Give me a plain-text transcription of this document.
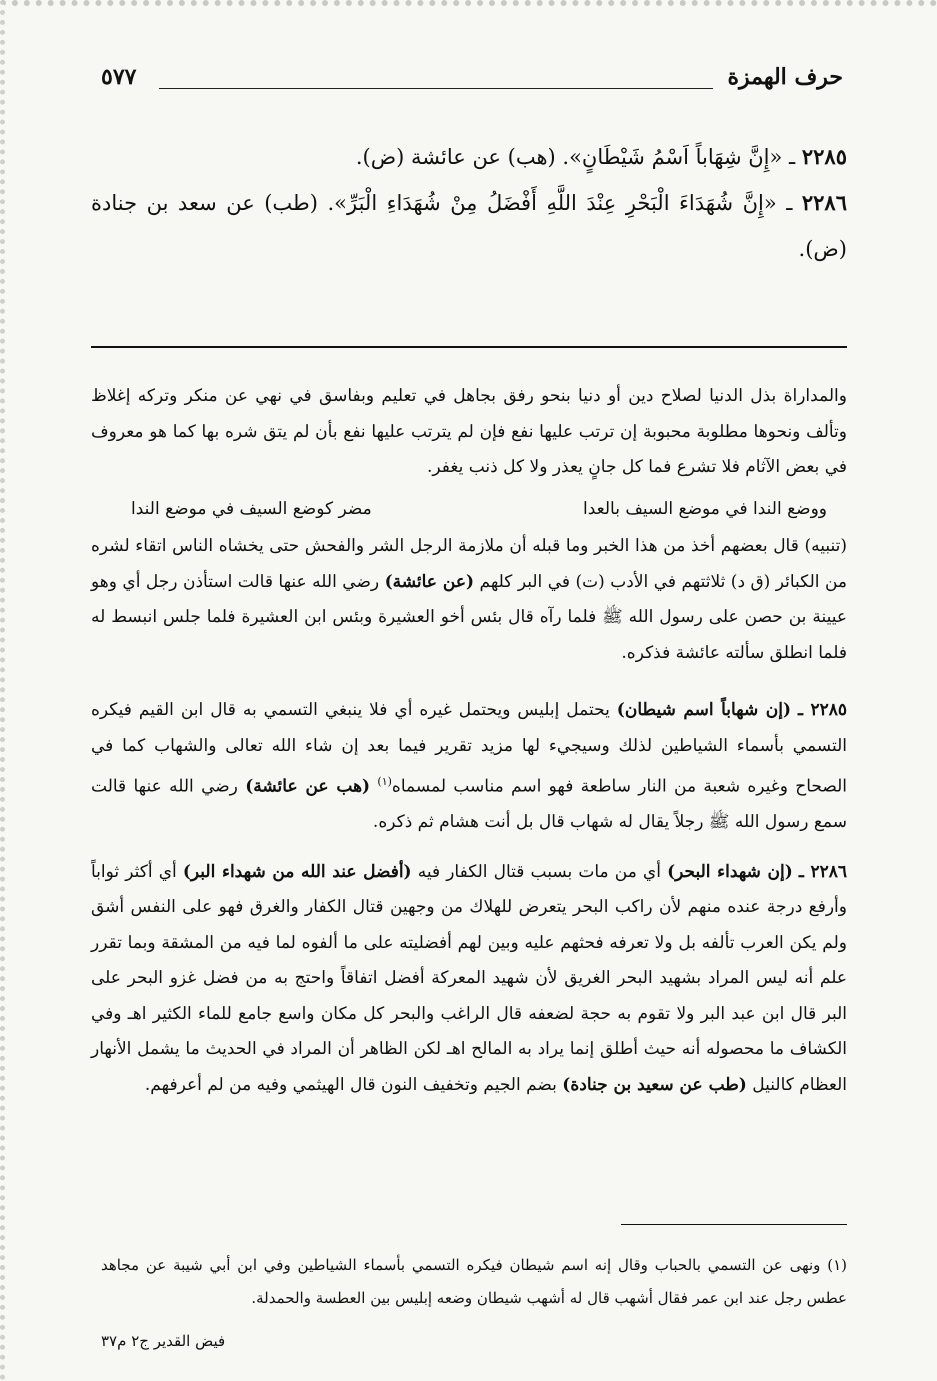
حرف الهمزة
٥٧٧

٢٢٨٥ ـ «إِنَّ شِهَاباً اَسْمُ شَيْطَانٍ». (هب) عن عائشة (ض).

٢٢٨٦ ـ «إِنَّ شُهَدَاءَ الْبَحْرِ عِنْدَ اللَّهِ أَفْضَلُ مِنْ شُهَدَاءِ الْبَرِّ». (طب) عن سعد بن جنادة (ض).

والمداراة بذل الدنيا لصلاح دين أو دنيا بنحو رفق بجاهل في تعليم وبفاسق في نهي عن منكر وتركه إغلاظ وتألف ونحوها مطلوبة محبوبة إن ترتب عليها نفع فإن لم يترتب عليها نفع بأن لم يتق شره بها كما هو معروف في بعض الآثام فلا تشرع فما كل جانٍ يعذر ولا كل ذنب يغفر.

ووضع الندا في موضع السيف بالعدا
مضر كوضع السيف في موضع الندا

(تنبيه) قال بعضهم أخذ من هذا الخبر وما قبله أن ملازمة الرجل الشر والفحش حتى يخشاه الناس اتقاء لشره من الكبائر (ق د) ثلاثتهم في الأدب (ت) في البر كلهم (عن عائشة) رضي الله عنها قالت استأذن رجل أي وهو عيينة بن حصن على رسول الله ﷺ فلما رآه قال بئس أخو العشيرة وبئس ابن العشيرة فلما جلس انبسط له فلما انطلق سألته عائشة فذكره.

٢٢٨٥ ـ (إن شهاباً اسم شيطان) يحتمل إبليس ويحتمل غيره أي فلا ينبغي التسمي به قال ابن القيم فيكره التسمي بأسماء الشياطين لذلك وسيجيء لها مزيد تقرير فيما بعد إن شاء الله تعالى والشهاب كما في الصحاح وغيره شعبة من النار ساطعة فهو اسم مناسب لمسماه$^{(١)}$ (هب عن عائشة) رضي الله عنها قالت سمع رسول الله ﷺ رجلاً يقال له شهاب قال بل أنت هشام ثم ذكره.

٢٢٨٦ ـ (إن شهداء البحر) أي من مات بسبب قتال الكفار فيه (أفضل عند الله من شهداء البر) أي أكثر ثواباً وأرفع درجة عنده منهم لأن راكب البحر يتعرض للهلاك من وجهين قتال الكفار والغرق فهو على النفس أشق ولم يكن العرب تألفه بل ولا تعرفه فحثهم عليه وبين لهم أفضليته على ما ألفوه لما فيه من المشقة وبما تقرر علم أنه ليس المراد بشهيد البحر الغريق لأن شهيد المعركة أفضل اتفاقاً واحتج به من فضل غزو البحر على البر قال ابن عبد البر ولا تقوم به حجة لضعفه قال الراغب والبحر كل مكان واسع جامع للماء الكثير اهـ وفي الكشاف ما محصوله أنه حيث أطلق إنما يراد به المالح اهـ لكن الظاهر أن المراد في الحديث ما يشمل الأنهار العظام كالنيل (طب عن سعيد بن جنادة) بضم الجيم وتخفيف النون قال الهيثمي وفيه من لم أعرفهم.

(١) ونهى عن التسمي بالحباب وقال إنه اسم شيطان فيكره التسمي بأسماء الشياطين وفي ابن أبي شيبة عن مجاهد عطس رجل عند ابن عمر فقال أشهب قال له أشهب شيطان وضعه إبليس بين العطسة والحمدلة.

فيض القدير ج٢ م٣٧
